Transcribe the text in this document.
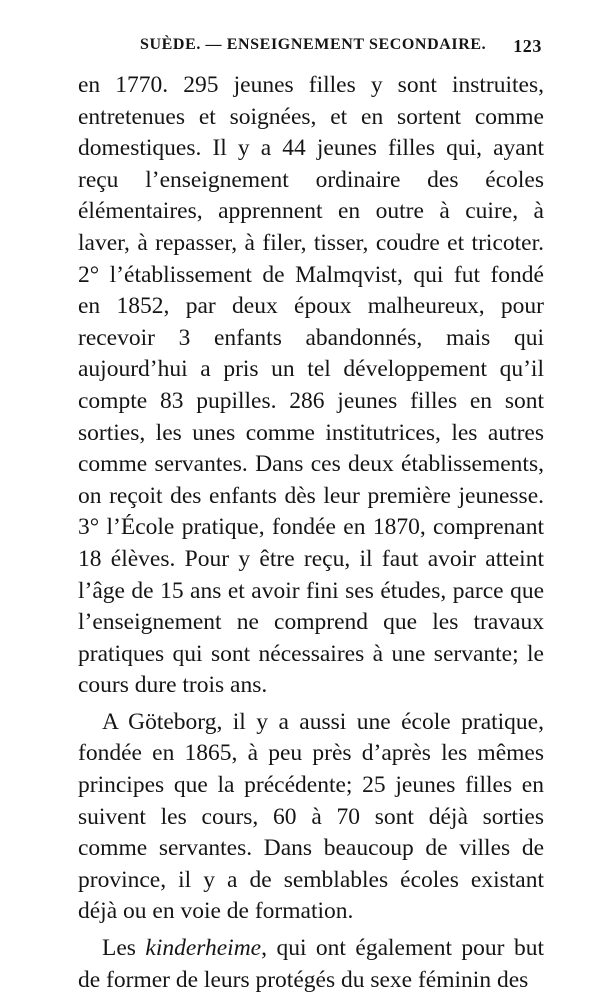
SUÈDE. — ENSEIGNEMENT SECONDAIRE. 123

en 1770. 295 jeunes filles y sont instruites, entretenues et soignées, et en sortent comme domestiques. Il y a 44 jeunes filles qui, ayant reçu l’enseignement ordinaire des écoles élémentaires, apprennent en outre à cuire, à laver, à repasser, à filer, tisser, coudre et tricoter. 2° l’établissement de Malmqvist, qui fut fondé en 1852, par deux époux malheureux, pour recevoir 3 enfants abandonnés, mais qui aujourd’hui a pris un tel développement qu’il compte 83 pupilles. 286 jeunes filles en sont sorties, les unes comme institutrices, les autres comme servantes. Dans ces deux établissements, on reçoit des enfants dès leur première jeunesse. 3° l’École pratique, fondée en 1870, comprenant 18 élèves. Pour y être reçu, il faut avoir atteint l’âge de 15 ans et avoir fini ses études, parce que l’enseignement ne comprend que les travaux pratiques qui sont nécessaires à une servante; le cours dure trois ans.

A Göteborg, il y a aussi une école pratique, fondée en 1865, à peu près d’après les mêmes principes que la précédente; 25 jeunes filles en suivent les cours, 60 à 70 sont déjà sorties comme servantes. Dans beaucoup de villes de province, il y a de semblables écoles existant déjà ou en voie de formation.

Les kinderheime, qui ont également pour but de former de leurs protégés du sexe féminin des
